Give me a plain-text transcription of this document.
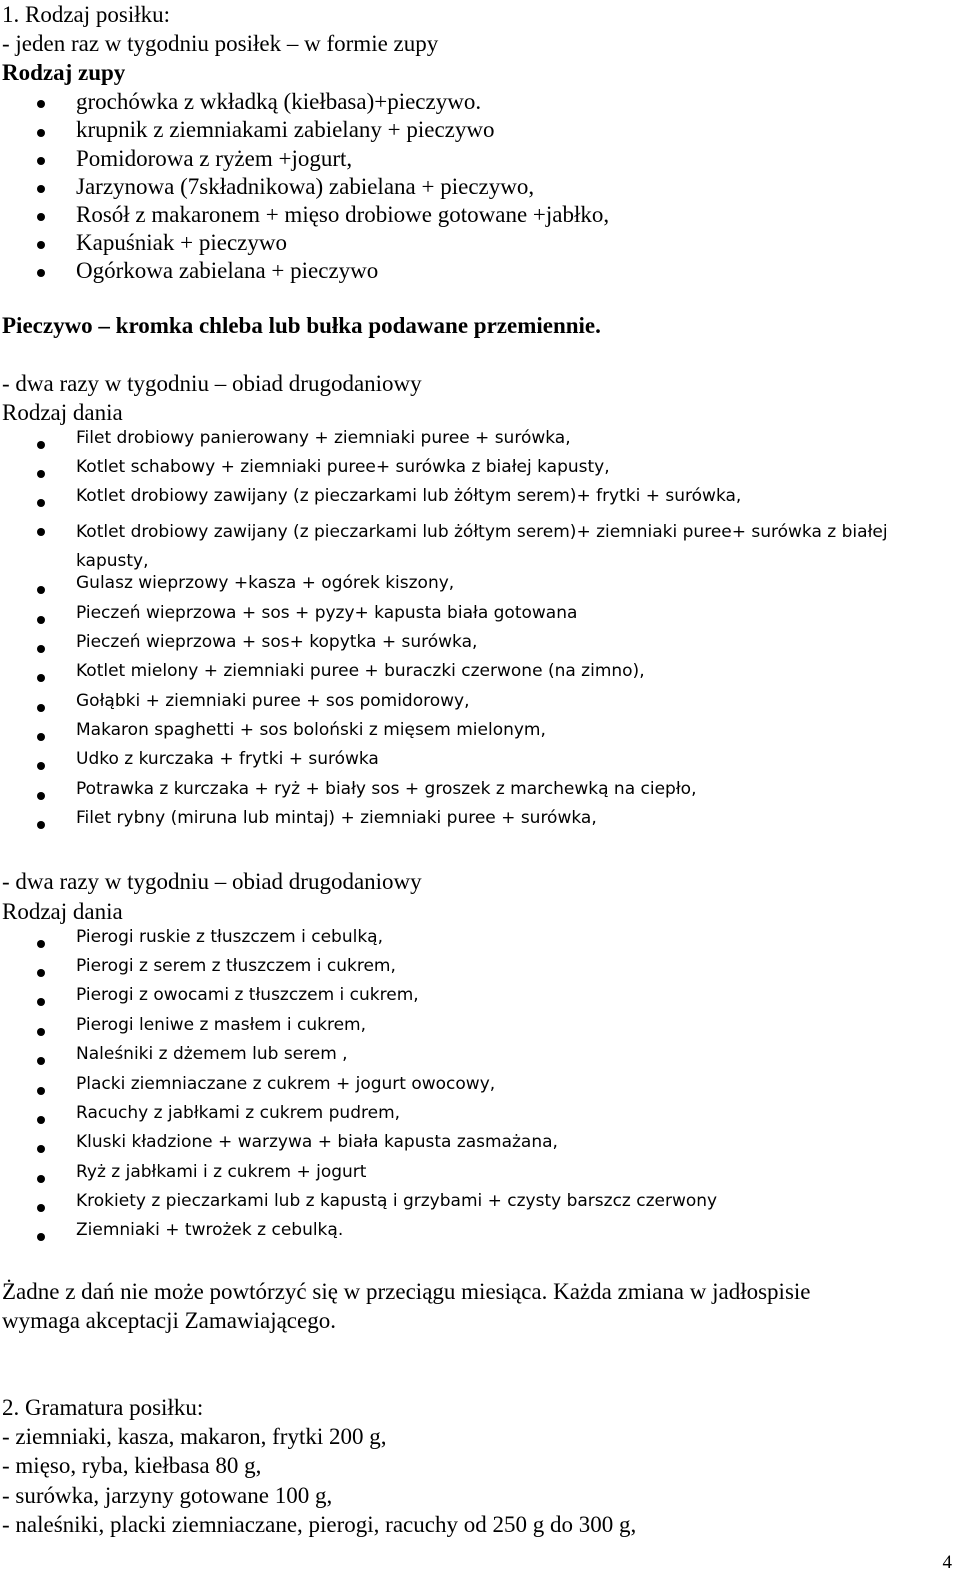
1. Rodzaj posiłku:
- jeden raz w tygodniu posiłek – w formie zupy
Rodzaj zupy
grochówka z wkładką (kiełbasa)+pieczywo.
krupnik z ziemniakami zabielany + pieczywo
Pomidorowa z ryżem +jogurt,
Jarzynowa (7składnikowa) zabielana + pieczywo,
Rosół z makaronem + mięso drobiowe gotowane +jabłko,
Kapuśniak + pieczywo
Ogórkowa zabielana + pieczywo
Pieczywo – kromka chleba lub bułka podawane przemiennie.
- dwa razy w tygodniu – obiad drugodaniowy
Rodzaj dania
Filet drobiowy panierowany + ziemniaki puree + surówka,
Kotlet schabowy + ziemniaki puree+ surówka z białej kapusty,
Kotlet drobiowy zawijany (z pieczarkami lub żółtym serem)+ frytki + surówka,
Kotlet drobiowy zawijany (z pieczarkami lub żółtym serem)+ ziemniaki puree+ surówka z białej kapusty,
Gulasz wieprzowy +kasza + ogórek kiszony,
Pieczeń wieprzowa + sos + pyzy+ kapusta biała gotowana
Pieczeń wieprzowa + sos+ kopytka + surówka,
Kotlet mielony + ziemniaki puree + buraczki czerwone (na zimno),
Gołąbki + ziemniaki puree + sos pomidorowy,
Makaron spaghetti + sos boloński z mięsem mielonym,
Udko z kurczaka + frytki + surówka
Potrawka z kurczaka + ryż + biały sos + groszek z marchewką na ciepło,
Filet rybny (miruna lub mintaj) + ziemniaki puree + surówka,
- dwa razy w tygodniu – obiad drugodaniowy
Rodzaj dania
Pierogi ruskie z tłuszczem i cebulką,
Pierogi z serem z tłuszczem i cukrem,
Pierogi z owocami z tłuszczem i cukrem,
Pierogi leniwe z masłem i cukrem,
Naleśniki z dżemem lub serem ,
Placki ziemniaczane z cukrem + jogurt owocowy,
Racuchy z jabłkami z cukrem pudrem,
Kluski kładzione + warzywa + biała kapusta zasmażana,
Ryż z jabłkami i z cukrem + jogurt
Krokiety z pieczarkami lub z kapustą i grzybami + czysty barszcz czerwony
Ziemniaki + twrożek z cebulką.
Żadne z dań nie może powtórzyć się w przeciągu miesiąca. Każda zmiana w jadłospisie
wymaga akceptacji Zamawiającego.
2. Gramatura posiłku:
- ziemniaki, kasza, makaron, frytki 200 g,
- mięso, ryba, kiełbasa 80 g,
- surówka, jarzyny gotowane 100 g,
- naleśniki, placki ziemniaczane, pierogi, racuchy od 250 g do 300 g,
4
